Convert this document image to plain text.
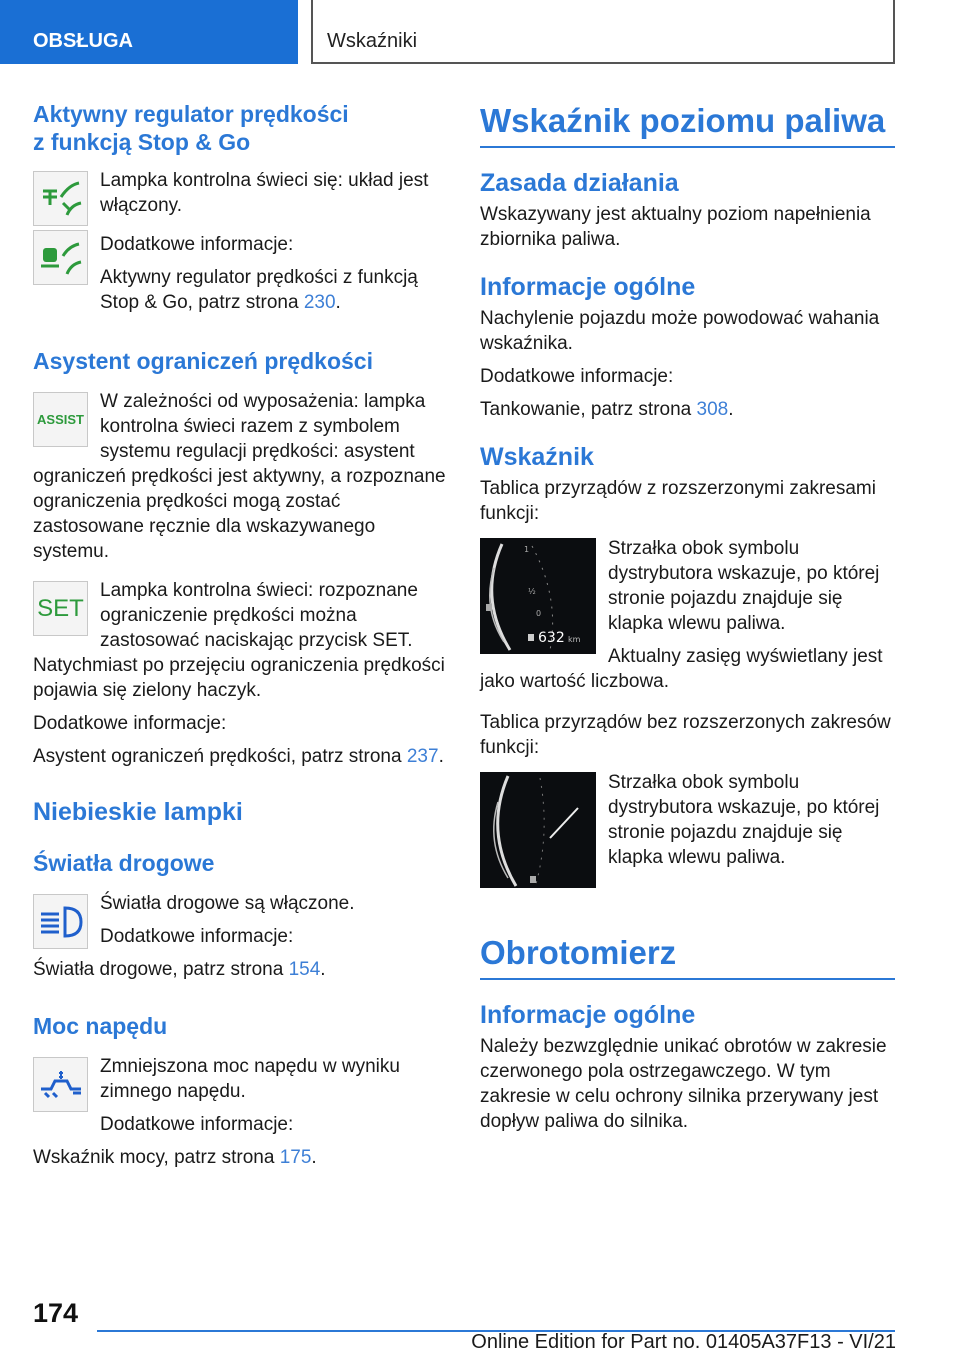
OBSŁUGA	Wskaźniki
Aktywny regulator prędkości
z funkcją Stop & Go

Lampka kontrolna świeci się: układ jest włączony.

Dodatkowe informacje:

Aktywny regulator prędkości z funkcją Stop & Go, patrz strona 230.

Asystent ograniczeń prędkości
ASSIST

W zależności od wyposażenia: lampka kontrolna świeci razem z symbolem systemu regulacji prędkości: asystent ograniczeń prędkości jest aktywny, a rozpoznane ograniczenia prędkości mogą zostać zastosowane ręcznie dla wskazywanego systemu.

SET

Lampka kontrolna świeci: rozpoznane ograniczenie prędkości można zastosować naciskając przycisk SET. Natychmiast po przejęciu ograniczenia prędkości pojawia się zielony haczyk.

Dodatkowe informacje:

Asystent ograniczeń prędkości, patrz strona 237.

Niebieskie lampki
Światła drogowe

Światła drogowe są włączone.

Dodatkowe informacje:

Światła drogowe, patrz strona 154.

Moc napędu

Zmniejszona moc napędu w wyniku zimnego napędu.

Dodatkowe informacje:

Wskaźnik mocy, patrz strona 175.

Wskaźnik poziomu paliwa
Zasada działania

Wskazywany jest aktualny poziom napełnienia zbiornika paliwa.

Informacje ogólne

Nachylenie pojazdu może powodować wahania wskaźnika.

Dodatkowe informacje:

Tankowanie, patrz strona 308.

Wskaźnik

Tablica przyrządów z rozszerzonymi zakresami funkcji:

1
½
0
632 km

Strzałka obok symbolu dystrybutora wskazuje, po której stronie pojazdu znajduje się klapka wlewu paliwa.

Aktualny zasięg wyświetlany jest jako wartość liczbowa.

Tablica przyrządów bez rozszerzonych zakresów funkcji:

Strzałka obok symbolu dystrybutora wskazuje, po której stronie pojazdu znajduje się klapka wlewu paliwa.

Obrotomierz
Informacje ogólne

Należy bezwzględnie unikać obrotów w zakresie czerwonego pola ostrzegawczego. W tym zakresie w celu ochrony silnika przerywany jest dopływ paliwa do silnika.

174
Online Edition for Part no. 01405A37F13 - VI/21
